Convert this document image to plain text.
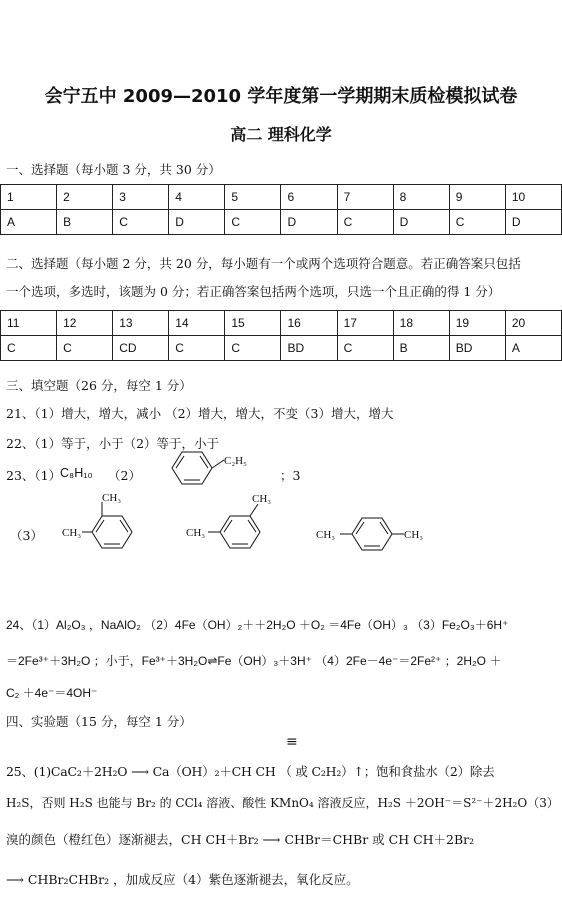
会宁五中 2009—2010 学年度第一学期期末质检模拟试卷
高二 理科化学
一、选择题（每小题 3 分，共 30 分）
1	2	3	4	5	6	7	8	9	10
A	B	C	D	C	D	C	D	C	D
二、选择题（每小题 2 分，共 20 分，每小题有一个或两个选项符合题意。若正确答案只包括
一个选项，多选时，该题为 0 分；若正确答案包括两个选项，只选一个且正确的得 1 分）
11	12	13	14	15	16	17	18	19	20
C	C	CD	C	C	BD	C	B	BD	A
三、填空题（26 分，每空 1 分）
21、（1）增大，增大，减小 （2）增大，增大，不变（3）增大，增大
22、（1）等于，小于（2）等于，小于
23、（1）
C₈H₁₀ （2）
C₂H₅
；3
（3）
CH₃
CH₃
CH₃
CH₃	CH₃	CH₃
24、（1）Al₂O₃ ，NaAlO₂ （2）4Fe（OH）₂＋＋2H₂O ＋O₂ ＝4Fe（OH）₃ （3）Fe₂O₃＋6H⁺
＝2Fe³⁺＋3H₂O ；小于，Fe³⁺＋3H₂O⇌Fe（OH）₃＋3H⁺ （4）2Fe－4e⁻＝2Fe²⁺ ；2H₂O ＋
C₂ ＋4e⁻＝4OH⁻
四、实验题（15 分，每空 1 分）
≡
25、(1)CaC₂＋2H₂O ⟶ Ca（OH）₂＋CH CH （ 或 C₂H₂）↑；饱和食盐水（2）除去
H₂S，否则 H₂S 也能与 Br₂ 的 CCl₄ 溶液、酸性 KMnO₄ 溶液反应，H₂S ＋2OH⁻＝S²⁻＋2H₂O（3）
溴的颜色（橙红色）逐渐褪去，CH CH＋Br₂ ⟶ CHBr＝CHBr 或 CH CH＋2Br₂
⟶ CHBr₂CHBr₂ ，加成反应（4）紫色逐渐褪去，氧化反应。
